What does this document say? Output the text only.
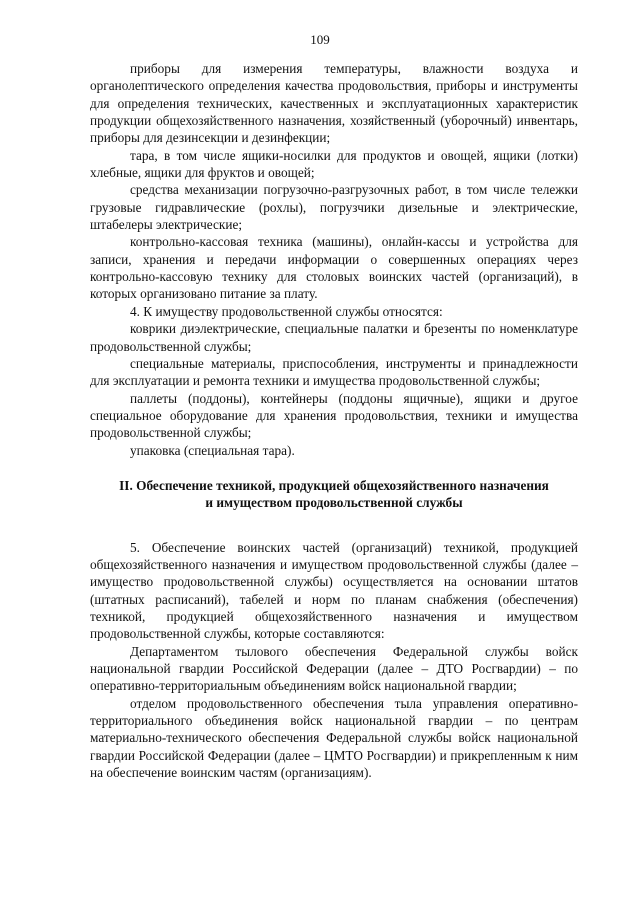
109

приборы для измерения температуры, влажности воздуха и органолептического определения качества продовольствия, приборы и инструменты для определения технических, качественных и эксплуатационных характеристик продукции общехозяйственного назначения, хозяйственный (уборочный) инвентарь, приборы для дезинсекции и дезинфекции;

тара, в том числе ящики-носилки для продуктов и овощей, ящики (лотки) хлебные, ящики для фруктов и овощей;

средства механизации погрузочно-разгрузочных работ, в том числе тележки грузовые гидравлические (рохлы), погрузчики дизельные и электрические, штабелеры электрические;

контрольно-кассовая техника (машины), онлайн-кассы и устройства для записи, хранения и передачи информации о совершенных операциях через контрольно-кассовую технику для столовых воинских частей (организаций), в которых организовано питание за плату.

4. К имуществу продовольственной службы относятся:

коврики диэлектрические, специальные палатки и брезенты по номенклатуре продовольственной службы;

специальные материалы, приспособления, инструменты и принадлежности для эксплуатации и ремонта техники и имущества продовольственной службы;

паллеты (поддоны), контейнеры (поддоны ящичные), ящики и другое специальное оборудование для хранения продовольствия, техники и имущества продовольственной службы;

упаковка (специальная тара).

II. Обеспечение техникой, продукцией общехозяйственного назначения

и имуществом продовольственной службы

5. Обеспечение воинских частей (организаций) техникой, продукцией общехозяйственного назначения и имуществом продовольственной службы (далее – имущество продовольственной службы) осуществляется на основании штатов (штатных расписаний), табелей и норм по планам снабжения (обеспечения) техникой, продукцией общехозяйственного назначения и имуществом продовольственной службы, которые составляются:

Департаментом тылового обеспечения Федеральной службы войск национальной гвардии Российской Федерации (далее – ДТО Росгвардии) – по оперативно-территориальным объединениям войск национальной гвардии;

отделом продовольственного обеспечения тыла управления оперативно-территориального объединения войск национальной гвардии – по центрам материально-технического обеспечения Федеральной службы войск национальной гвардии Российской Федерации (далее – ЦМТО Росгвардии) и прикрепленным к ним на обеспечение воинским частям (организациям).
